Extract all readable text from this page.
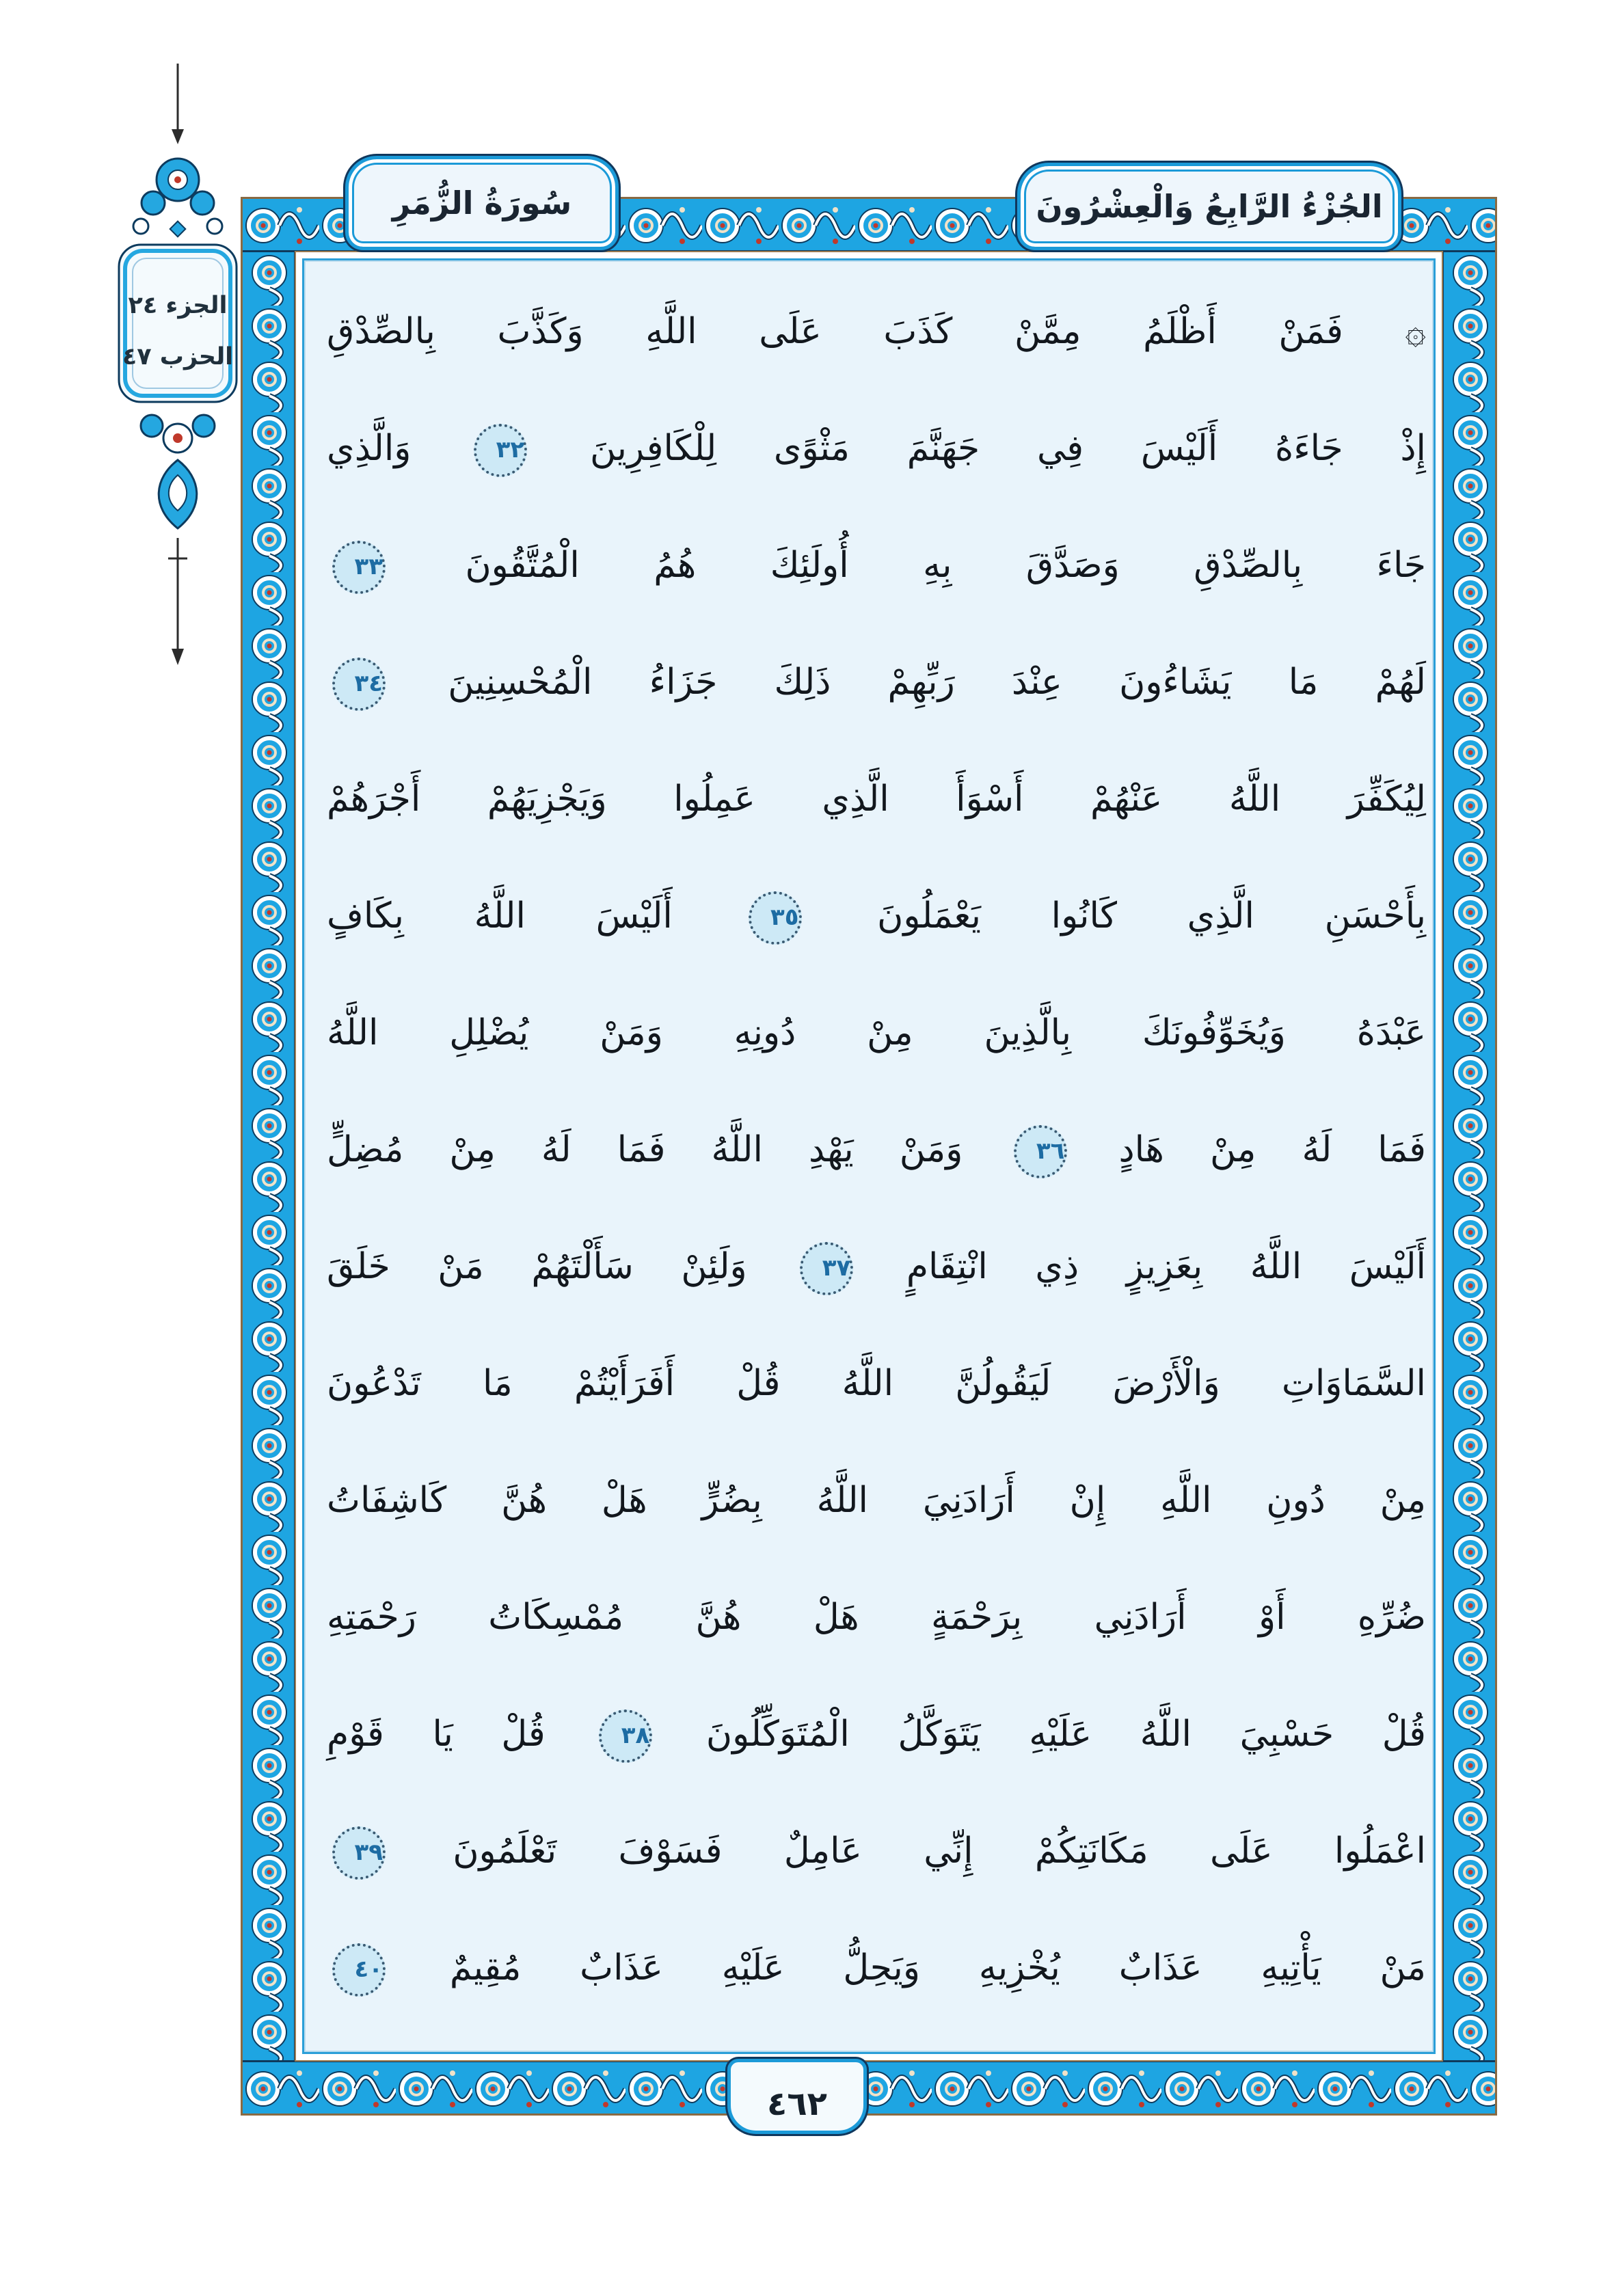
الجزء ٢٤
الحزب ٤٧
سُورَةُ الزُّمَرِ	الجُزْءُ الرَّابِعُ وَالْعِشْرُونَ
۞ فَمَنْ أَظْلَمُ مِمَّنْ كَذَبَ عَلَى اللَّهِ وَكَذَّبَ بِالصِّدْقِ
إِذْ جَاءَهُ أَلَيْسَ فِي جَهَنَّمَ مَثْوًى لِلْكَافِرِينَ ٣٢ وَالَّذِي
جَاءَ بِالصِّدْقِ وَصَدَّقَ بِهِ أُولَئِكَ هُمُ الْمُتَّقُونَ ٣٣
لَهُمْ مَا يَشَاءُونَ عِنْدَ رَبِّهِمْ ذَلِكَ جَزَاءُ الْمُحْسِنِينَ ٣٤
لِيُكَفِّرَ اللَّهُ عَنْهُمْ أَسْوَأَ الَّذِي عَمِلُوا وَيَجْزِيَهُمْ أَجْرَهُمْ
بِأَحْسَنِ الَّذِي كَانُوا يَعْمَلُونَ ٣٥ أَلَيْسَ اللَّهُ بِكَافٍ
عَبْدَهُ وَيُخَوِّفُونَكَ بِالَّذِينَ مِنْ دُونِهِ وَمَنْ يُضْلِلِ اللَّهُ
فَمَا لَهُ مِنْ هَادٍ ٣٦ وَمَنْ يَهْدِ اللَّهُ فَمَا لَهُ مِنْ مُضِلٍّ
أَلَيْسَ اللَّهُ بِعَزِيزٍ ذِي انْتِقَامٍ ٣٧ وَلَئِنْ سَأَلْتَهُمْ مَنْ خَلَقَ
السَّمَاوَاتِ وَالْأَرْضَ لَيَقُولُنَّ اللَّهُ قُلْ أَفَرَأَيْتُمْ مَا تَدْعُونَ
مِنْ دُونِ اللَّهِ إِنْ أَرَادَنِيَ اللَّهُ بِضُرٍّ هَلْ هُنَّ كَاشِفَاتُ
ضُرِّهِ أَوْ أَرَادَنِي بِرَحْمَةٍ هَلْ هُنَّ مُمْسِكَاتُ رَحْمَتِهِ
قُلْ حَسْبِيَ اللَّهُ عَلَيْهِ يَتَوَكَّلُ الْمُتَوَكِّلُونَ ٣٨ قُلْ يَا قَوْمِ
اعْمَلُوا عَلَى مَكَانَتِكُمْ إِنِّي عَامِلٌ فَسَوْفَ تَعْلَمُونَ ٣٩
مَنْ يَأْتِيهِ عَذَابٌ يُخْزِيهِ وَيَحِلُّ عَلَيْهِ عَذَابٌ مُقِيمٌ ٤٠
٤٦٢
